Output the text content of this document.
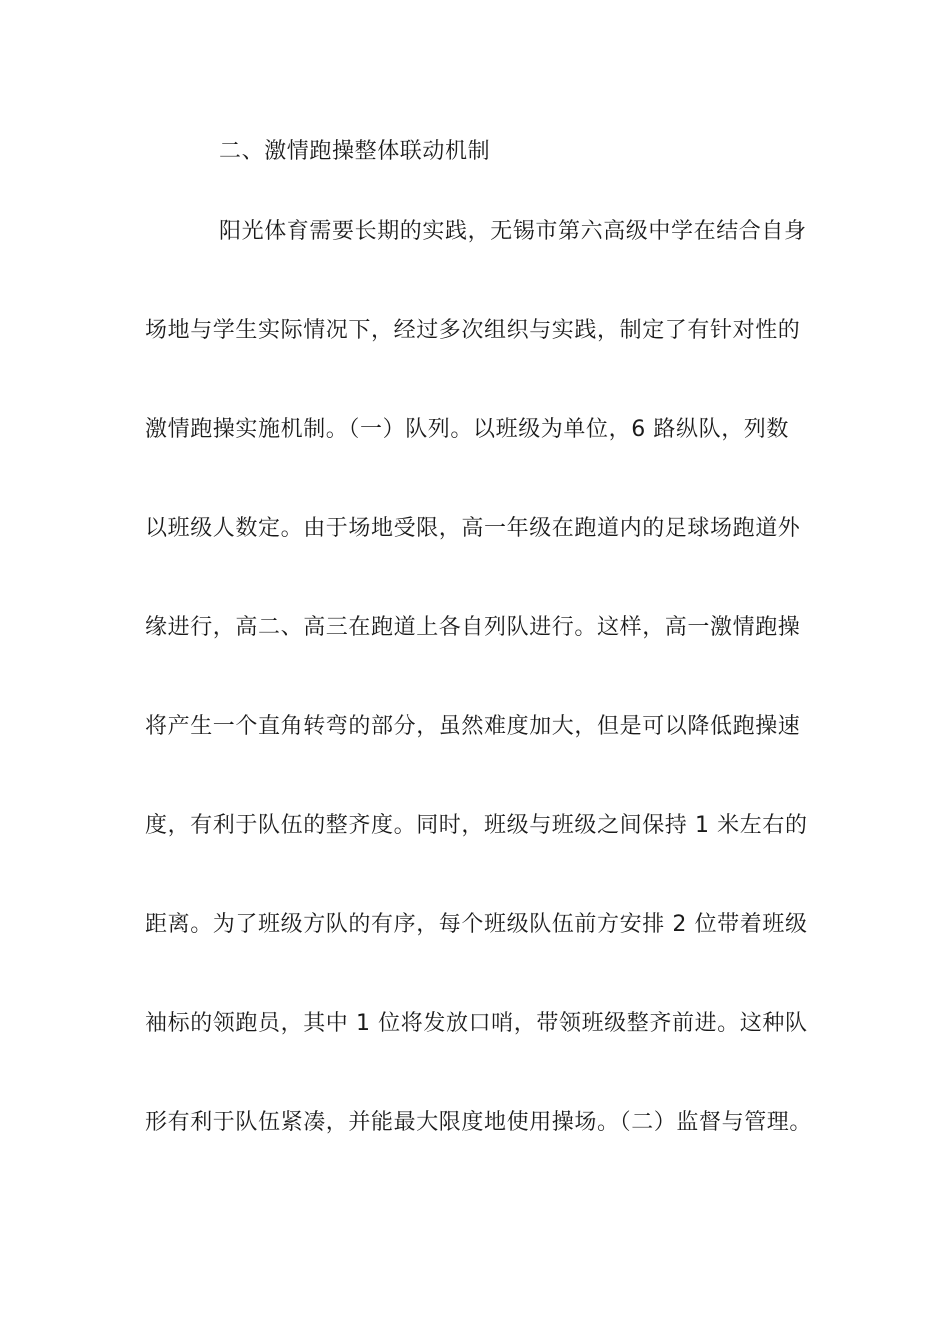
二、激情跑操整体联动机制
阳光体育需要长期的实践，无锡市第六高级中学在结合自身
场地与学生实际情况下，经过多次组织与实践，制定了有针对性的
激情跑操实施机制。（一）队列。以班级为单位，6 路纵队，列数
以班级人数定。由于场地受限，高一年级在跑道内的足球场跑道外
缘进行，高二、高三在跑道上各自列队进行。这样，高一激情跑操
将产生一个直角转弯的部分，虽然难度加大，但是可以降低跑操速
度，有利于队伍的整齐度。同时，班级与班级之间保持 1 米左右的
距离。为了班级方队的有序，每个班级队伍前方安排 2 位带着班级
袖标的领跑员，其中 1 位将发放口哨，带领班级整齐前进。这种队
形有利于队伍紧凑，并能最大限度地使用操场。（二）监督与管理。
